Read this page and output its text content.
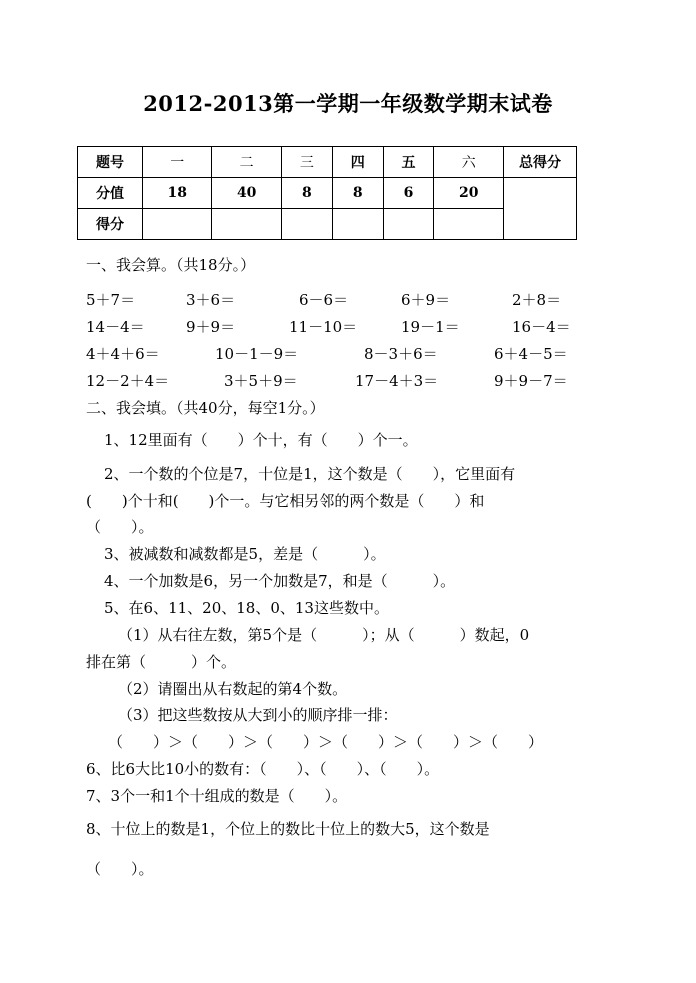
2012-2013第一学期一年级数学期末试卷
题号	一	二	三	四	五	六	总得分
分值	18	40	8	8	6	20	
得分							
一、我会算。（共18分。）
5＋7＝	3＋6＝	6－6＝	6＋9＝	2＋8＝
14－4＝	9＋9＝	11－10＝	19－1＝	16－4＝
4＋4＋6＝	10－1－9＝	8－3＋6＝	6＋4－5＝
12－2＋4＝	3＋5＋9＝	17－4＋3＝	9＋9－7＝
二、我会填。（共40分，每空1分。）
1、12里面有（　　）个十，有（　　）个一。
2、一个数的个位是7，十位是1，这个数是（　　），它里面有
(　　)个十和(　　)个一。与它相另邻的两个数是（　　）和
（　　）。
3、被减数和减数都是5，差是（　　　）。
4、一个加数是6，另一个加数是7，和是（　　　）。
5、在6、11、20、18、0、13这些数中。
（1）从右往左数，第5个是（　　　）；从（　　　）数起，0
排在第（　　　）个。
（2）请圈出从右数起的第4个数。
（3）把这些数按从大到小的顺序排一排：
（　　）＞（　　）＞（　　）＞（　　）＞（　　）＞（　　）
6、比6大比10小的数有：（　　）、（　　）、（　　）。
7、3个一和1个十组成的数是（　　）。
8、十位上的数是1，个位上的数比十位上的数大5，这个数是
（　　）。
